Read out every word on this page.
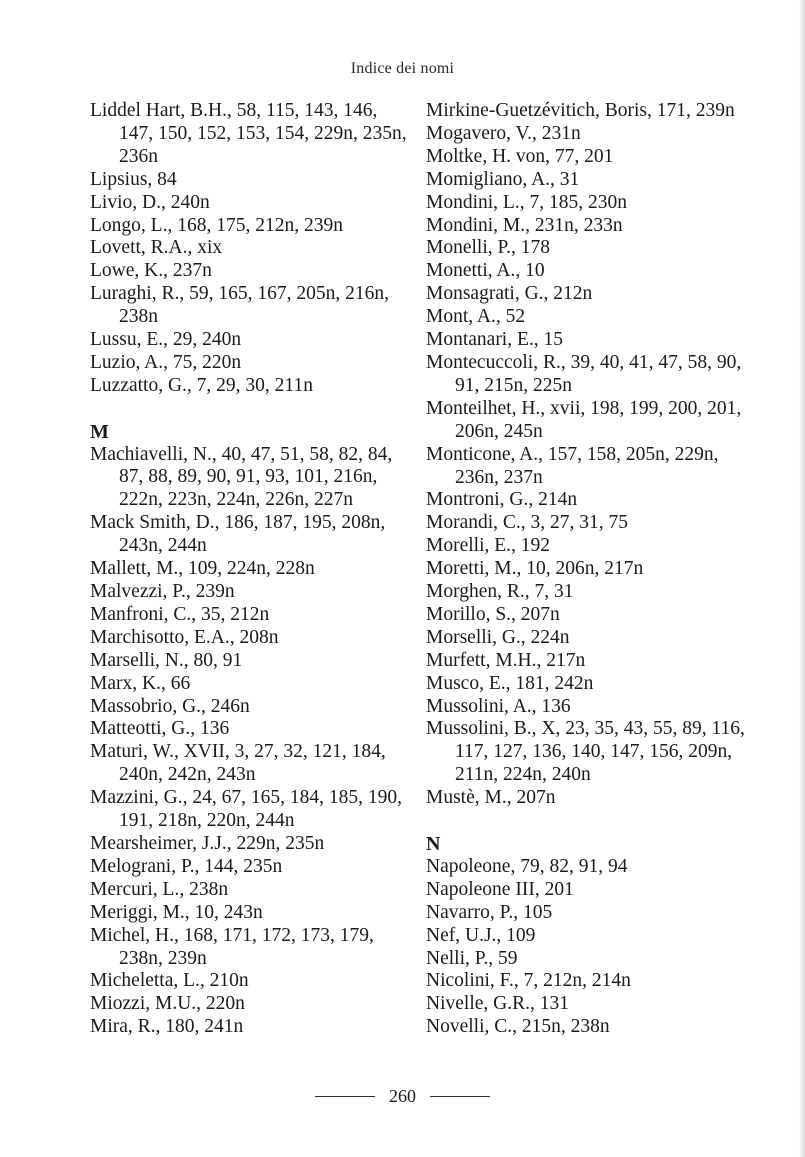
Indice dei nomi
Liddel Hart, B.H., 58, 115, 143, 146, 147, 150, 152, 153, 154, 229n, 235n, 236n
Lipsius, 84
Livio, D., 240n
Longo, L., 168, 175, 212n, 239n
Lovett, R.A., xix
Lowe, K., 237n
Luraghi, R., 59, 165, 167, 205n, 216n, 238n
Lussu, E., 29, 240n
Luzio, A., 75, 220n
Luzzatto, G., 7, 29, 30, 211n
M
Machiavelli, N., 40, 47, 51, 58, 82, 84, 87, 88, 89, 90, 91, 93, 101, 216n, 222n, 223n, 224n, 226n, 227n
Mack Smith, D., 186, 187, 195, 208n, 243n, 244n
Mallett, M., 109, 224n, 228n
Malvezzi, P., 239n
Manfroni, C., 35, 212n
Marchisotto, E.A., 208n
Marselli, N., 80, 91
Marx, K., 66
Massobrio, G., 246n
Matteotti, G., 136
Maturi, W., XVII, 3, 27, 32, 121, 184, 240n, 242n, 243n
Mazzini, G., 24, 67, 165, 184, 185, 190, 191, 218n, 220n, 244n
Mearsheimer, J.J., 229n, 235n
Melograni, P., 144, 235n
Mercuri, L., 238n
Meriggi, M., 10, 243n
Michel, H., 168, 171, 172, 173, 179, 238n, 239n
Micheletta, L., 210n
Miozzi, M.U., 220n
Mira, R., 180, 241n
Mirkine-Guetzévitich, Boris, 171, 239n
Mogavero, V., 231n
Moltke, H. von, 77, 201
Momigliano, A., 31
Mondini, L., 7, 185, 230n
Mondini, M., 231n, 233n
Monelli, P., 178
Monetti, A., 10
Monsagrati, G., 212n
Mont, A., 52
Montanari, E., 15
Montecuccoli, R., 39, 40, 41, 47, 58, 90, 91, 215n, 225n
Monteilhet, H., xvii, 198, 199, 200, 201, 206n, 245n
Monticone, A., 157, 158, 205n, 229n, 236n, 237n
Montroni, G., 214n
Morandi, C., 3, 27, 31, 75
Morelli, E., 192
Moretti, M., 10, 206n, 217n
Morghen, R., 7, 31
Morillo, S., 207n
Morselli, G., 224n
Murfett, M.H., 217n
Musco, E., 181, 242n
Mussolini, A., 136
Mussolini, B., X, 23, 35, 43, 55, 89, 116, 117, 127, 136, 140, 147, 156, 209n, 211n, 224n, 240n
Mustè, M., 207n
N
Napoleone, 79, 82, 91, 94
Napoleone III, 201
Navarro, P., 105
Nef, U.J., 109
Nelli, P., 59
Nicolini, F., 7, 212n, 214n
Nivelle, G.R., 131
Novelli, C., 215n, 238n
260
